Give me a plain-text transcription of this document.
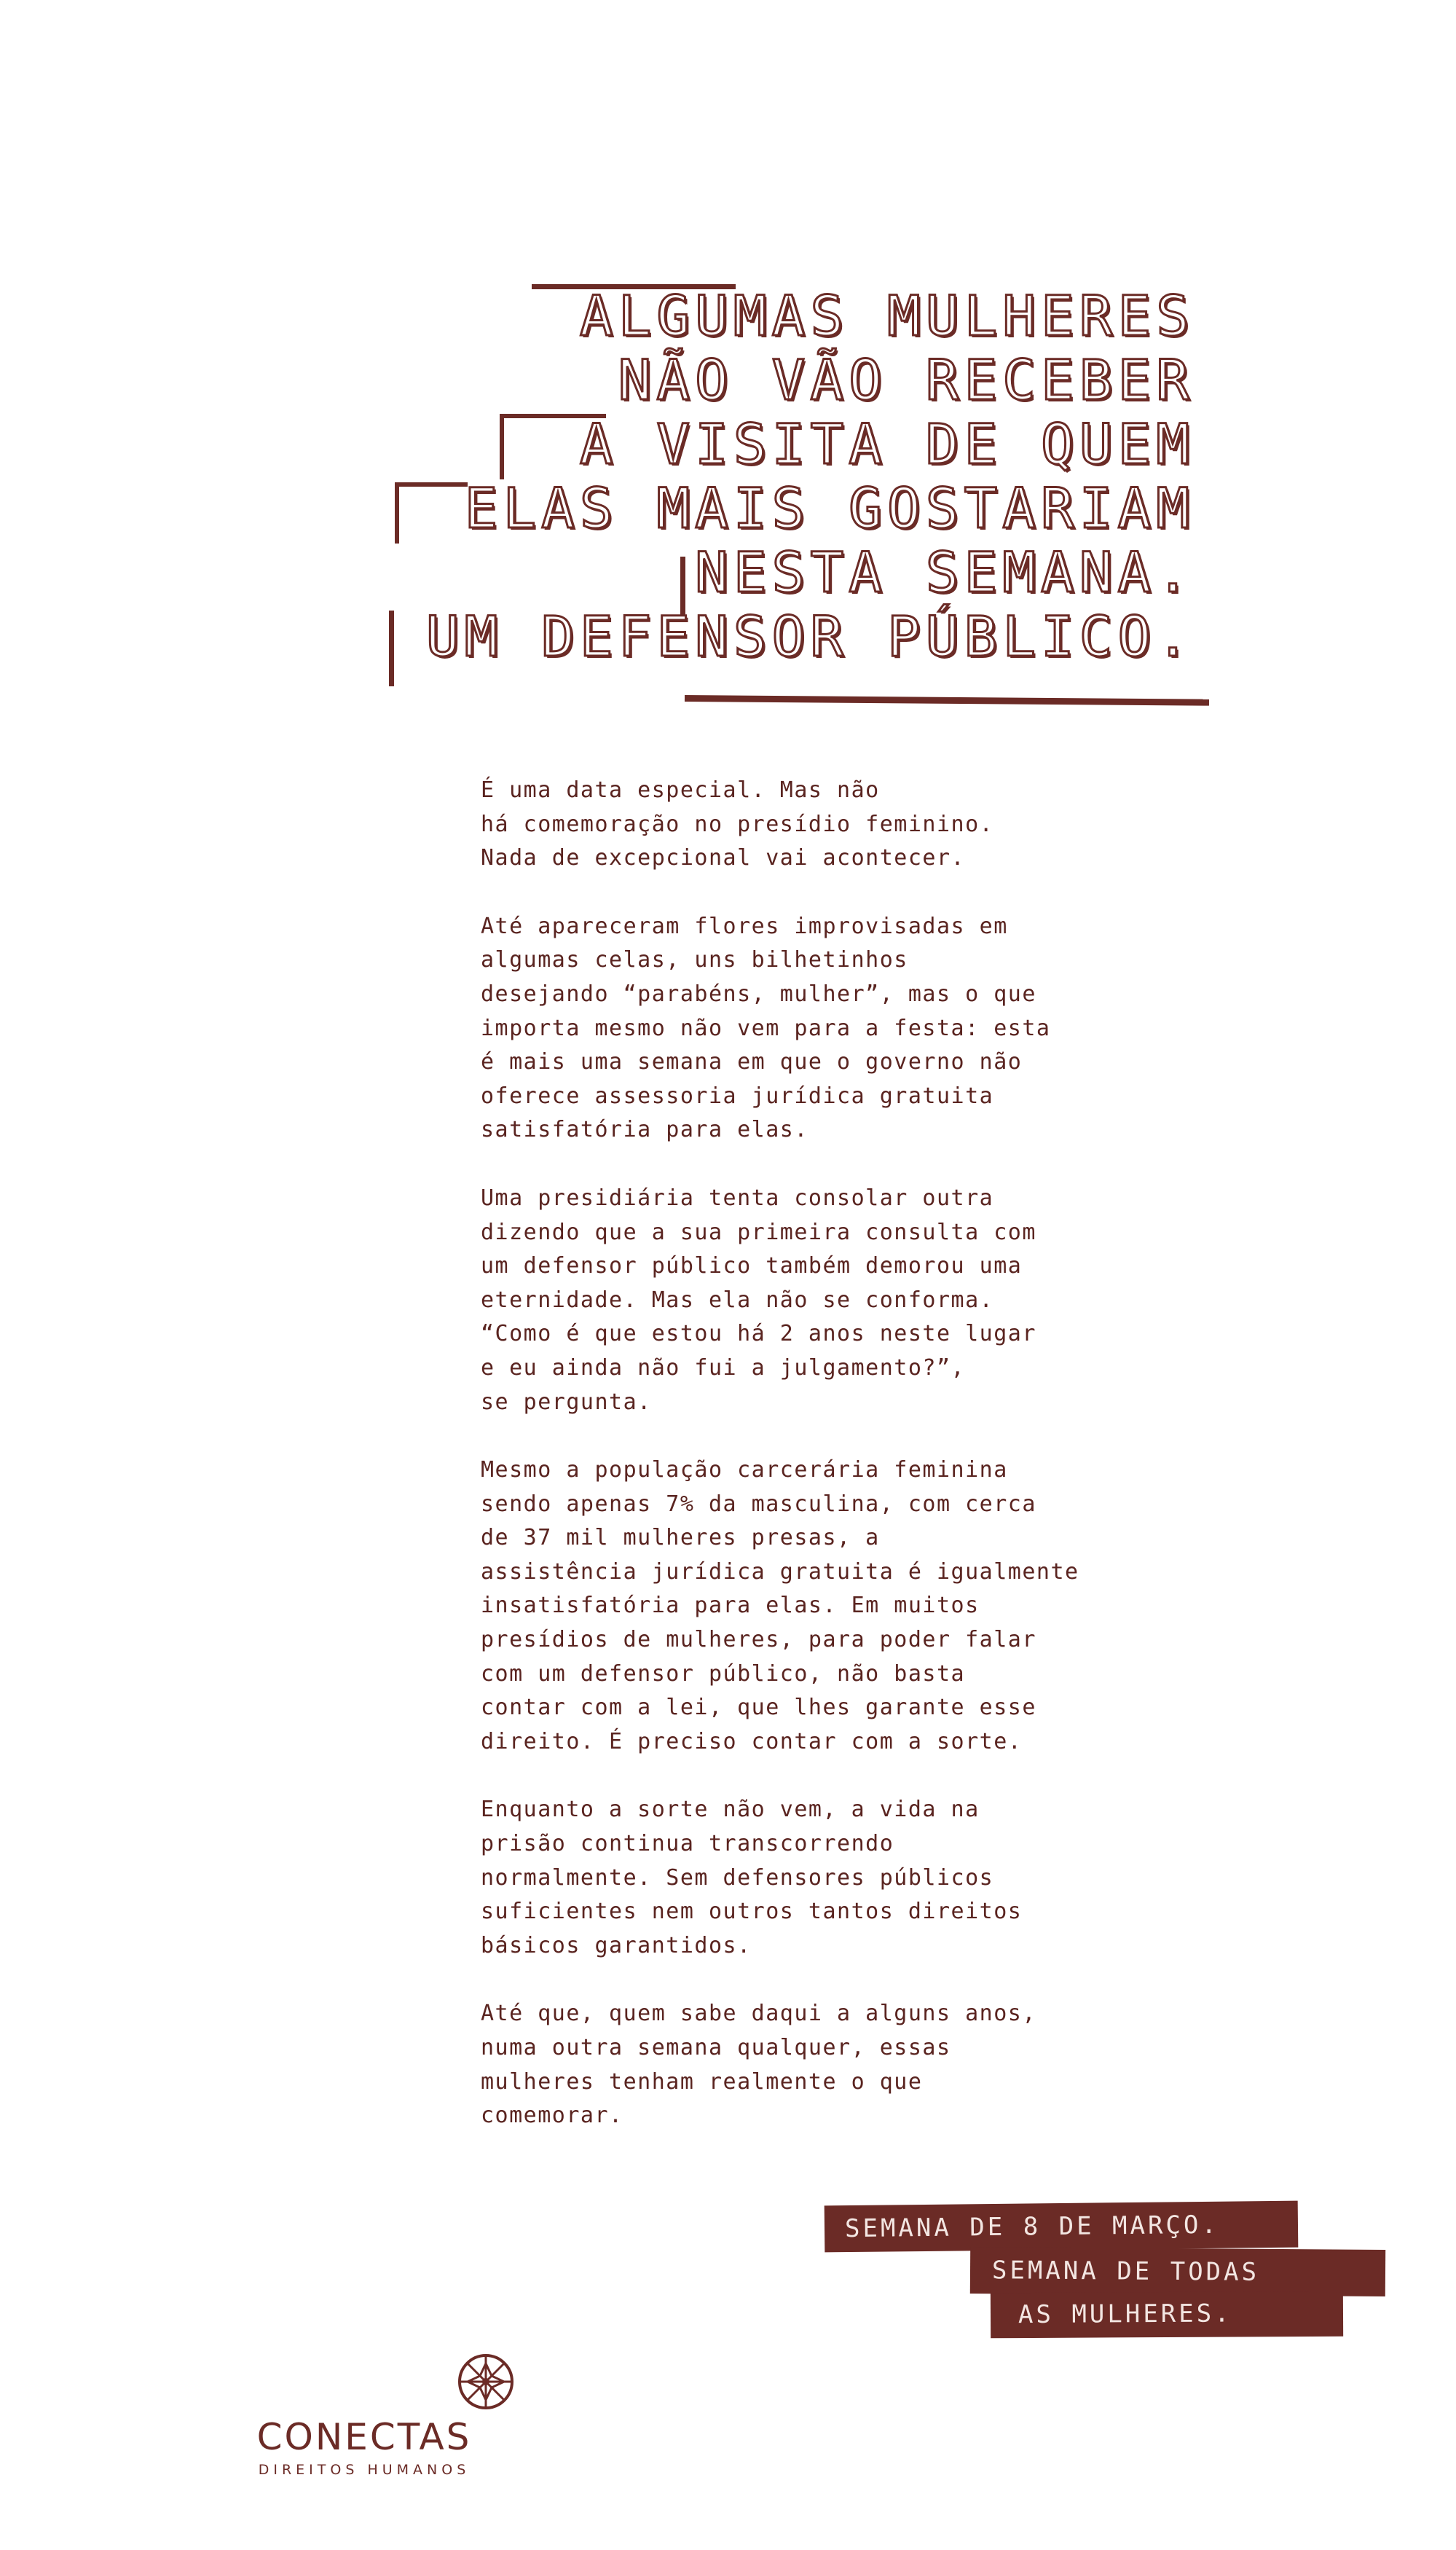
ALGUMAS MULHERES
NÃO VÃO RECEBER
A VISITA DE QUEM
ELAS MAIS GOSTARIAM
NESTA SEMANA.
UM DEFENSOR PÚBLICO.

É uma data especial. Mas não
há comemoração no presídio feminino.
Nada de excepcional vai acontecer.

Até apareceram flores improvisadas em
algumas celas, uns bilhetinhos
desejando “parabéns, mulher”, mas o que
importa mesmo não vem para a festa: esta
é mais uma semana em que o governo não
oferece assessoria jurídica gratuita
satisfatória para elas.

Uma presidiária tenta consolar outra
dizendo que a sua primeira consulta com
um defensor público também demorou uma
eternidade. Mas ela não se conforma.
“Como é que estou há 2 anos neste lugar
e eu ainda não fui a julgamento?”,
se pergunta.

Mesmo a população carcerária feminina
sendo apenas 7% da masculina, com cerca
de 37 mil mulheres presas, a
assistência jurídica gratuita é igualmente
insatisfatória para elas. Em muitos
presídios de mulheres, para poder falar
com um defensor público, não basta
contar com a lei, que lhes garante esse
direito. É preciso contar com a sorte.

Enquanto a sorte não vem, a vida na
prisão continua transcorrendo
normalmente. Sem defensores públicos
suficientes nem outros tantos direitos
básicos garantidos.

Até que, quem sabe daqui a alguns anos,
numa outra semana qualquer, essas
mulheres tenham realmente o que
comemorar.

SEMANA DE 8 DE MARÇO.
SEMANA DE TODAS
AS MULHERES.
CONECTAS
DIREITOS HUMANOS
